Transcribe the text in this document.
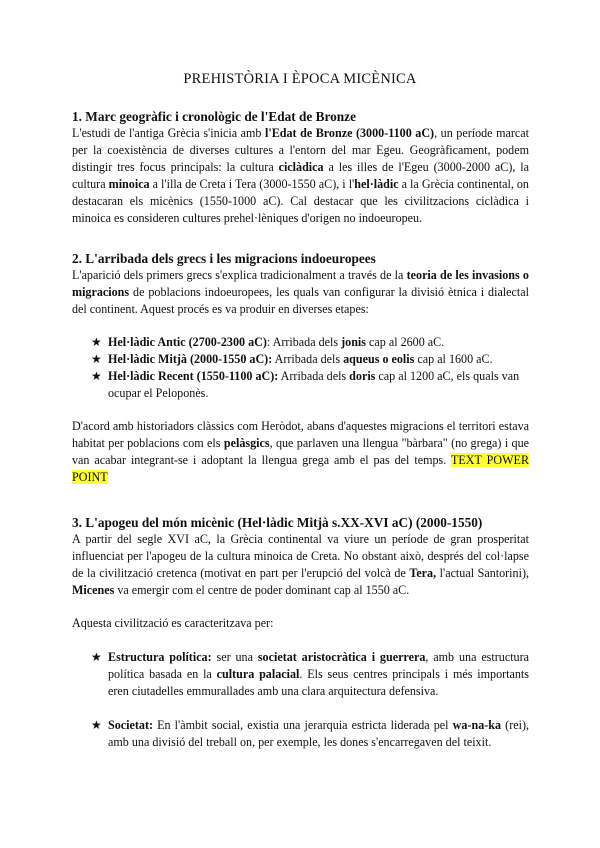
PREHISTÒRIA I ÈPOCA MICÈNICA
1. Marc geogràfic i cronològic de l'Edat de Bronze

L'estudi de l'antiga Grècia s'inicia amb l'Edat de Bronze (3000-1100 aC), un període marcat per la coexistència de diverses cultures a l'entorn del mar Egeu. Geogràficament, podem distingir tres focus principals: la cultura ciclàdica a les illes de l'Egeu (3000-2000 aC), la cultura minoica a l'illa de Creta i Tera (3000-1550 aC), i l'hel·làdic a la Grècia continental, on destacaran els micènics (1550-1000 aC). Cal destacar que les civilitzacions ciclàdica i minoica es consideren cultures prehel·lèniques d'origen no indoeuropeu.

2. L'arribada dels grecs i les migracions indoeuropees

L'aparició dels primers grecs s'explica tradicionalment a través de la teoria de les invasions o migracions de poblacions indoeuropees, les quals van configurar la divisió ètnica i dialectal del continent. Aquest procés es va produir en diverses etapes:

★ Hel·làdic Antic (2700-2300 aC): Arribada dels jonis cap al 2600 aC.
★ Hel·làdic Mitjà (2000-1550 aC): Arribada dels aqueus o eolis cap al 1600 aC.
★ Hel·làdic Recent (1550-1100 aC): Arribada dels doris cap al 1200 aC, els quals van ocupar el Peloponès.

D'acord amb historiadors clàssics com Heròdot, abans d'aquestes migracions el territori estava habitat per poblacions com els pelàsgics, que parlaven una llengua "bàrbara" (no grega) i que van acabar integrant-se i adoptant la llengua grega amb el pas del temps. TEXT POWER POINT

3. L'apogeu del món micènic (Hel·làdic Mitjà s.XX-XVI aC) (2000-1550)

A partir del segle XVI aC, la Grècia continental va viure un període de gran prosperitat influenciat per l'apogeu de la cultura minoica de Creta. No obstant això, després del col·lapse de la civilització cretenca (motivat en part per l'erupció del volcà de Tera, l'actual Santorini), Micenes va emergir com el centre de poder dominant cap al 1550 aC.

Aquesta civilització es caracteritzava per:

★ Estructura política: ser una societat aristocràtica i guerrera, amb una estructura política basada en la cultura palacial. Els seus centres principals i més importants eren ciutadelles emmurallades amb una clara arquitectura defensiva.
★ Societat: En l'àmbit social, existia una jerarquia estricta liderada pel wa-na-ka (rei), amb una divisió del treball on, per exemple, les dones s'encarregaven del teixit.
